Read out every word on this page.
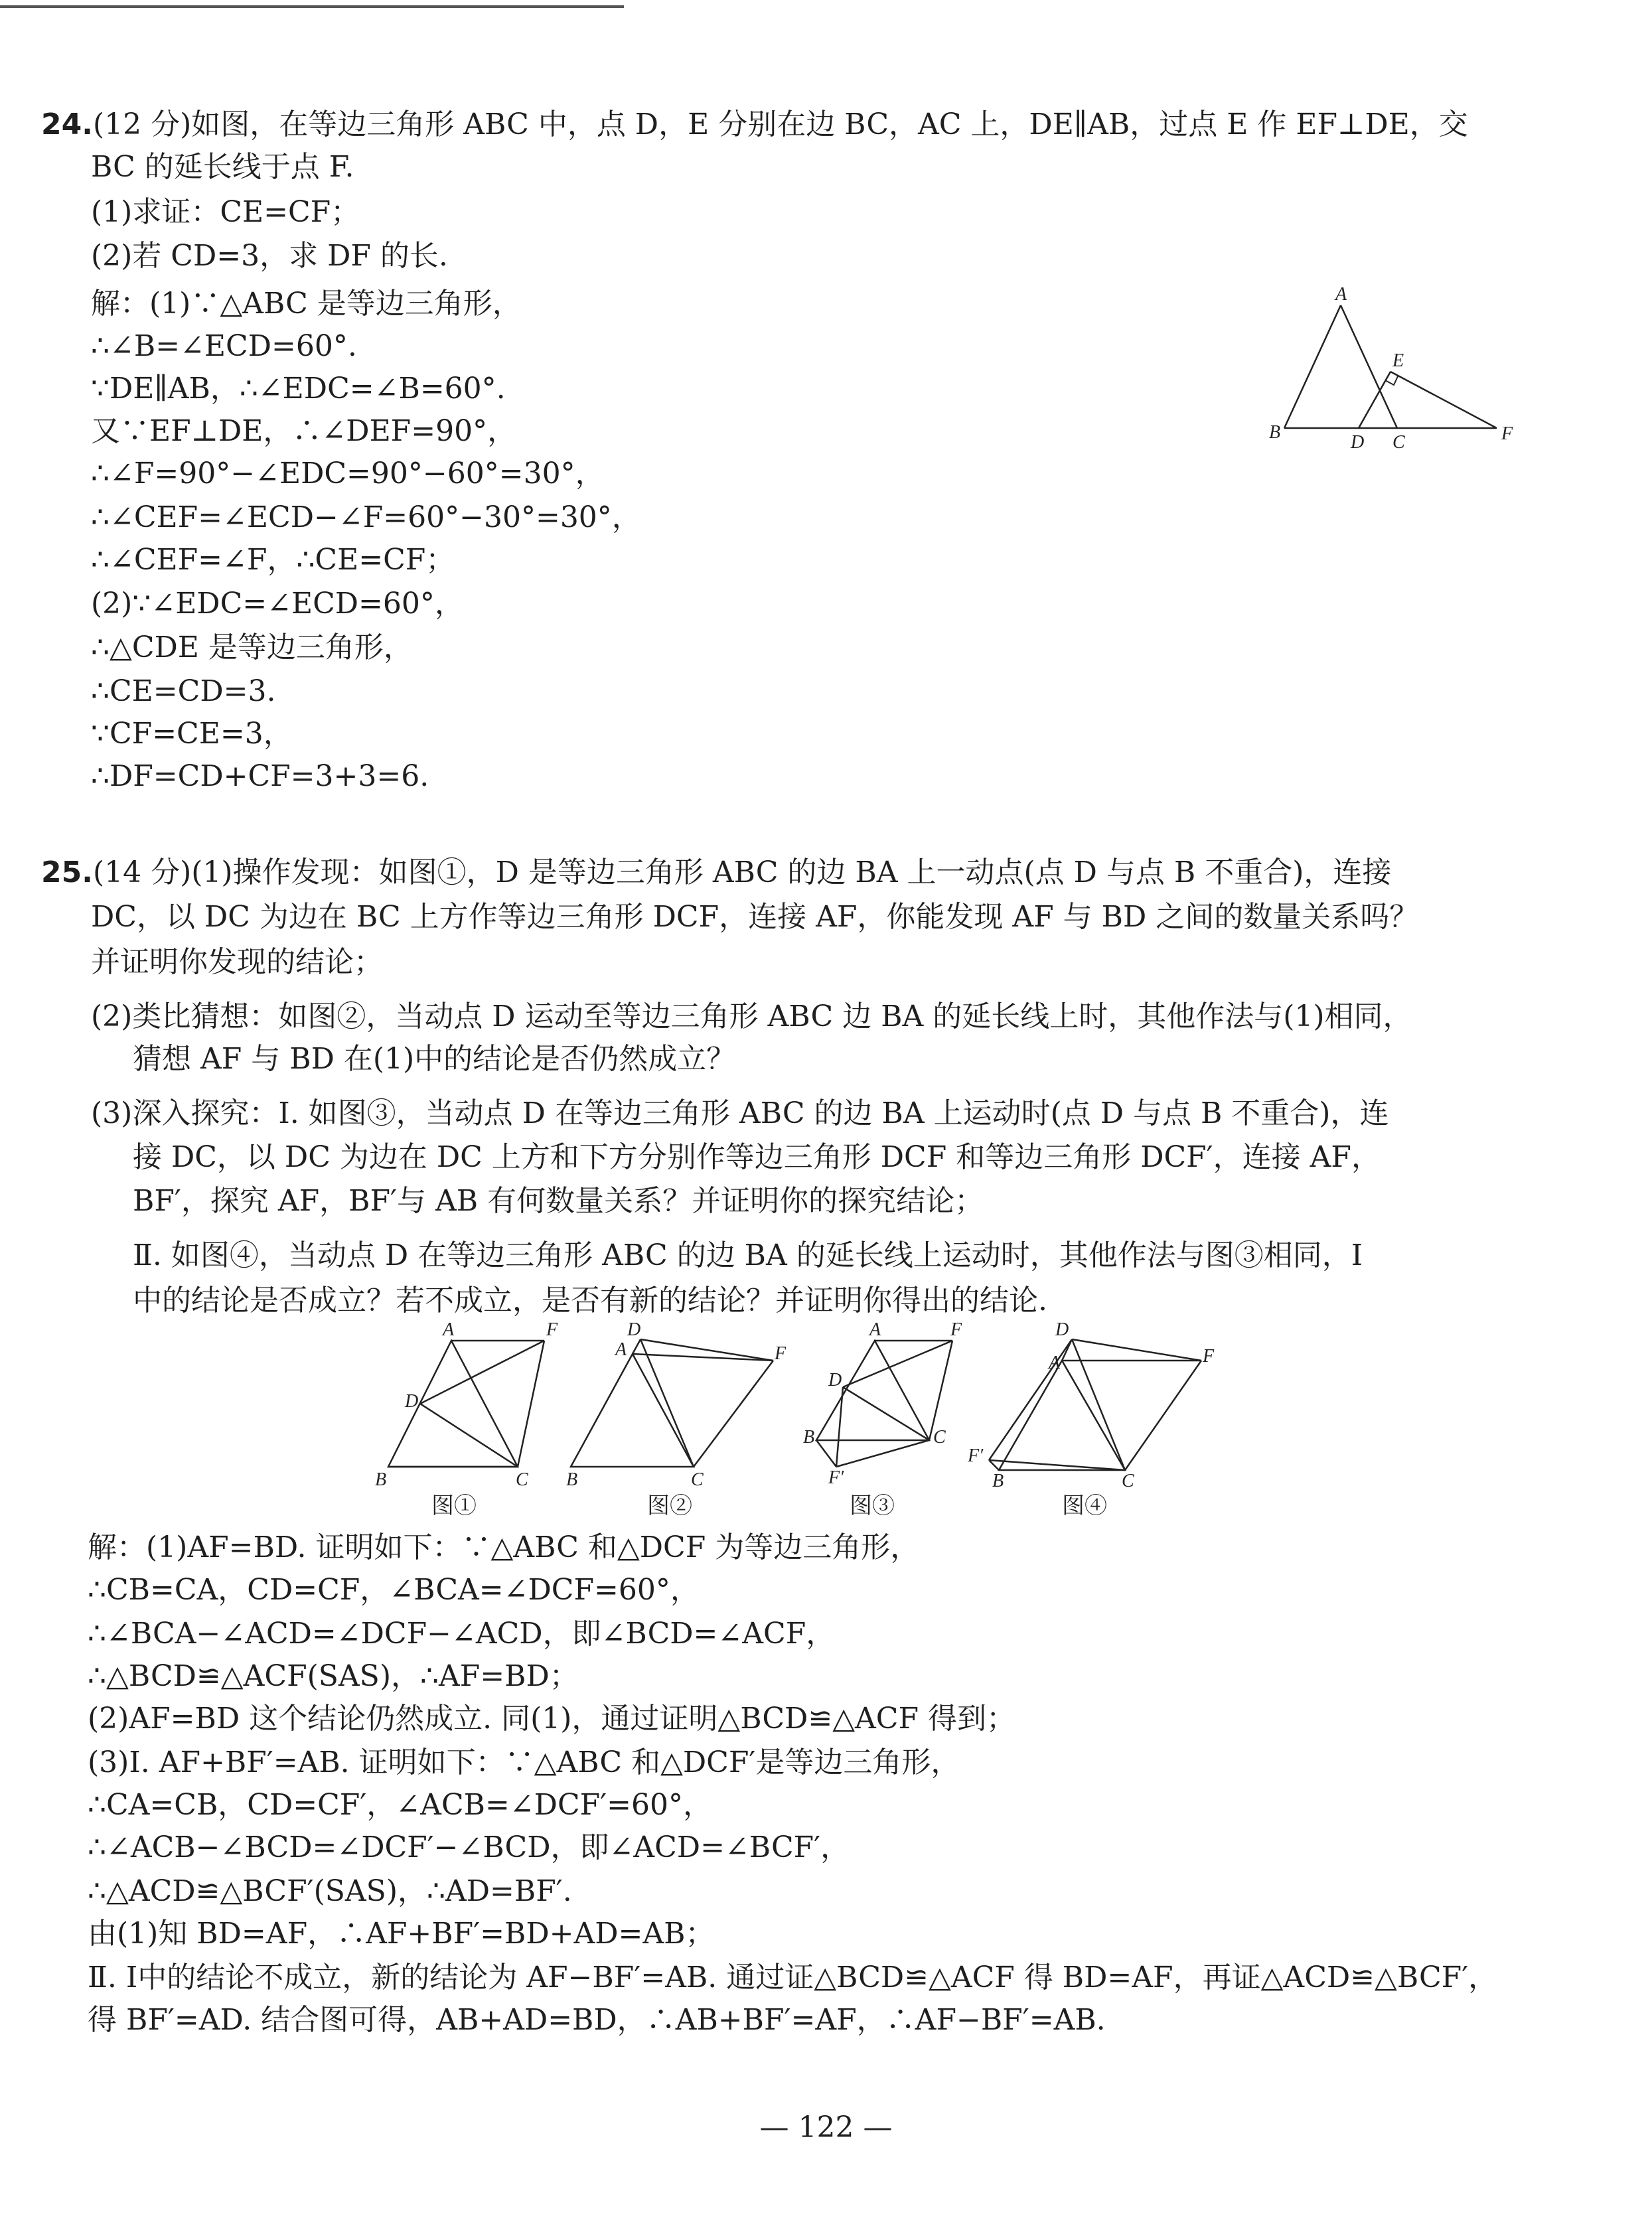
24.(12 分)如图，在等边三角形 ABC 中，点 D，E 分别在边 BC，AC 上，DE∥AB，过点 E 作 EF⊥DE，交
BC 的延长线于点 F.
(1)求证：CE=CF；
(2)若 CD=3，求 DF 的长.
解：(1)∵△ABC 是等边三角形，
∴∠B=∠ECD=60°.
∵DE∥AB，∴∠EDC=∠B=60°.
又∵EF⊥DE，∴∠DEF=90°，
∴∠F=90°−∠EDC=90°−60°=30°，
∴∠CEF=∠ECD−∠F=60°−30°=30°，
∴∠CEF=∠F，∴CE=CF；
(2)∵∠EDC=∠ECD=60°，
∴△CDE 是等边三角形，
∴CE=CD=3.
∵CF=CE=3，
∴DF=CD+CF=3+3=6.
A
B	C
D
E
F
25.(14 分)(1)操作发现：如图①，D 是等边三角形 ABC 的边 BA 上一动点(点 D 与点 B 不重合)，连接
DC，以 DC 为边在 BC 上方作等边三角形 DCF，连接 AF，你能发现 AF 与 BD 之间的数量关系吗？
并证明你发现的结论；
(2)类比猜想：如图②，当动点 D 运动至等边三角形 ABC 边 BA 的延长线上时，其他作法与(1)相同，
猜想 AF 与 BD 在(1)中的结论是否仍然成立？
(3)深入探究：Ⅰ. 如图③，当动点 D 在等边三角形 ABC 的边 BA 上运动时(点 D 与点 B 不重合)，连
接 DC，以 DC 为边在 DC 上方和下方分别作等边三角形 DCF 和等边三角形 DCF′，连接 AF，
BF′，探究 AF，BF′与 AB 有何数量关系？并证明你的探究结论；
Ⅱ. 如图④，当动点 D 在等边三角形 ABC 的边 BA 的延长线上运动时，其他作法与图③相同，Ⅰ
中的结论是否成立？若不成立，是否有新的结论？并证明你得出的结论.
A	F
D
B	C
图①
D
A	F
B	C
图②
A	F
D
B	C
F′
图③
D
A	F
F′
B	C
图④
解：(1)AF=BD. 证明如下：∵△ABC 和△DCF 为等边三角形，
∴CB=CA，CD=CF，∠BCA=∠DCF=60°，
∴∠BCA−∠ACD=∠DCF−∠ACD，即∠BCD=∠ACF，
∴△BCD≌△ACF(SAS)，∴AF=BD；
(2)AF=BD 这个结论仍然成立. 同(1)，通过证明△BCD≌△ACF 得到；
(3)Ⅰ. AF+BF′=AB. 证明如下：∵△ABC 和△DCF′是等边三角形，
∴CA=CB，CD=CF′，∠ACB=∠DCF′=60°，
∴∠ACB−∠BCD=∠DCF′−∠BCD，即∠ACD=∠BCF′，
∴△ACD≌△BCF′(SAS)，∴AD=BF′.
由(1)知 BD=AF，∴AF+BF′=BD+AD=AB；
Ⅱ. Ⅰ中的结论不成立，新的结论为 AF−BF′=AB. 通过证△BCD≌△ACF 得 BD=AF，再证△ACD≌△BCF′，
得 BF′=AD. 结合图可得，AB+AD=BD，∴AB+BF′=AF，∴AF−BF′=AB.
— 122 —
